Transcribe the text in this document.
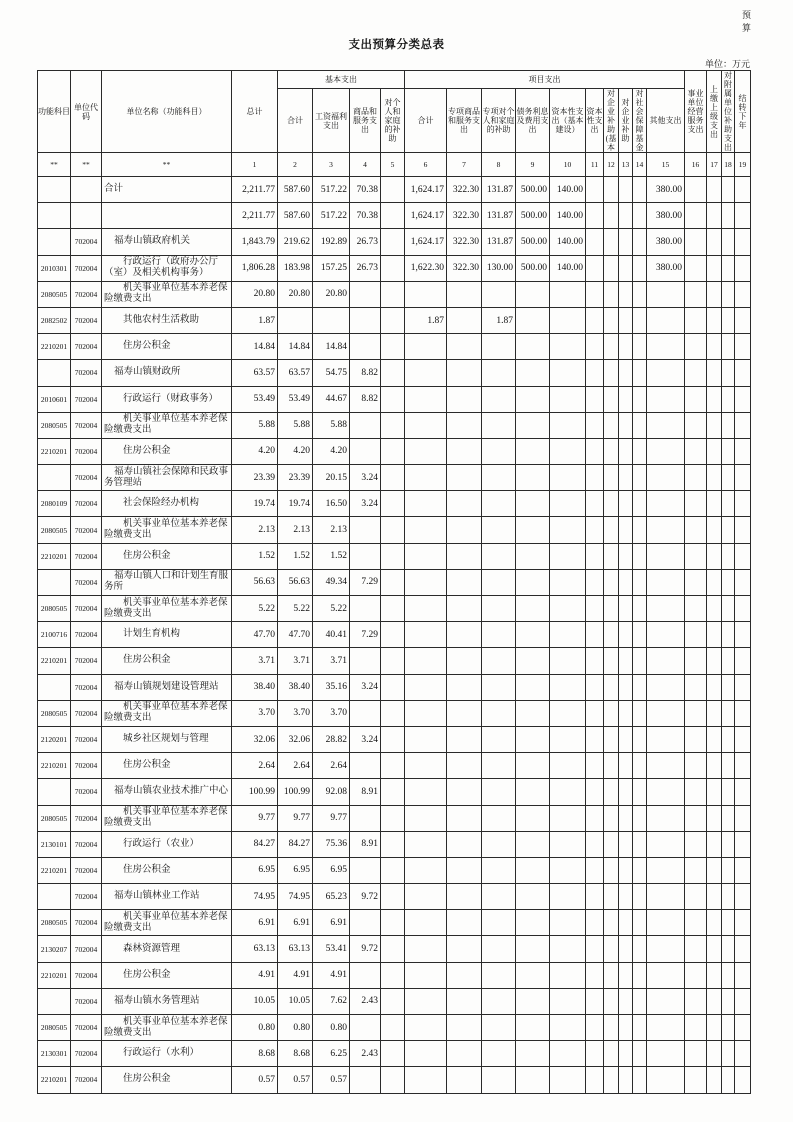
预算
支出预算分类总表
单位：万元
功能科目	单位代码	单位名称（功能科目）	总计	基本支出				项目支出										事业单位经营服务支出	上缴上级支出	对附属单位补助支出	结转下年
				合计	工资福利支出	商品和服务支出	对个人和家庭的补助	合计	专项商品和服务支出	专项对个人和家庭的补助	债务利息及费用支出	资本性支出（基本建设）	资本性支出	对企业补助(基本	对企业补助	对社会保障基金	其他支出				
**	**	**	1	2	3	4	5	6	7	8	9	10	11	12	13	14	15	16	17	18	19
		合计	2,211.77	587.60	517.22	70.38		1,624.17	322.30	131.87	500.00	140.00					380.00				
			2,211.77	587.60	517.22	70.38		1,624.17	322.30	131.87	500.00	140.00					380.00				
	702004	福寿山镇政府机关	1,843.79	219.62	192.89	26.73		1,624.17	322.30	131.87	500.00	140.00					380.00				
2010301	702004	行政运行（政府办公厅（室）及相关机构事务）	1,806.28	183.98	157.25	26.73		1,622.30	322.30	130.00	500.00	140.00					380.00				
2080505	702004	机关事业单位基本养老保险缴费支出	20.80	20.80	20.80																
2082502	702004	其他农村生活救助	1.87					1.87		1.87											
2210201	702004	住房公积金	14.84	14.84	14.84																
	702004	福寿山镇财政所	63.57	63.57	54.75	8.82															
2010601	702004	行政运行（财政事务）	53.49	53.49	44.67	8.82															
2080505	702004	机关事业单位基本养老保险缴费支出	5.88	5.88	5.88																
2210201	702004	住房公积金	4.20	4.20	4.20																
	702004	福寿山镇社会保障和民政事务管理站	23.39	23.39	20.15	3.24															
2080109	702004	社会保险经办机构	19.74	19.74	16.50	3.24															
2080505	702004	机关事业单位基本养老保险缴费支出	2.13	2.13	2.13																
2210201	702004	住房公积金	1.52	1.52	1.52																
	702004	福寿山镇人口和计划生育服务所	56.63	56.63	49.34	7.29															
2080505	702004	机关事业单位基本养老保险缴费支出	5.22	5.22	5.22																
2100716	702004	计划生育机构	47.70	47.70	40.41	7.29															
2210201	702004	住房公积金	3.71	3.71	3.71																
	702004	福寿山镇规划建设管理站	38.40	38.40	35.16	3.24															
2080505	702004	机关事业单位基本养老保险缴费支出	3.70	3.70	3.70																
2120201	702004	城乡社区规划与管理	32.06	32.06	28.82	3.24															
2210201	702004	住房公积金	2.64	2.64	2.64																
	702004	福寿山镇农业技术推广中心	100.99	100.99	92.08	8.91															
2080505	702004	机关事业单位基本养老保险缴费支出	9.77	9.77	9.77																
2130101	702004	行政运行（农业）	84.27	84.27	75.36	8.91															
2210201	702004	住房公积金	6.95	6.95	6.95																
	702004	福寿山镇林业工作站	74.95	74.95	65.23	9.72															
2080505	702004	机关事业单位基本养老保险缴费支出	6.91	6.91	6.91																
2130207	702004	森林资源管理	63.13	63.13	53.41	9.72															
2210201	702004	住房公积金	4.91	4.91	4.91																
	702004	福寿山镇水务管理站	10.05	10.05	7.62	2.43															
2080505	702004	机关事业单位基本养老保险缴费支出	0.80	0.80	0.80																
2130301	702004	行政运行（水利）	8.68	8.68	6.25	2.43															
2210201	702004	住房公积金	0.57	0.57	0.57																
